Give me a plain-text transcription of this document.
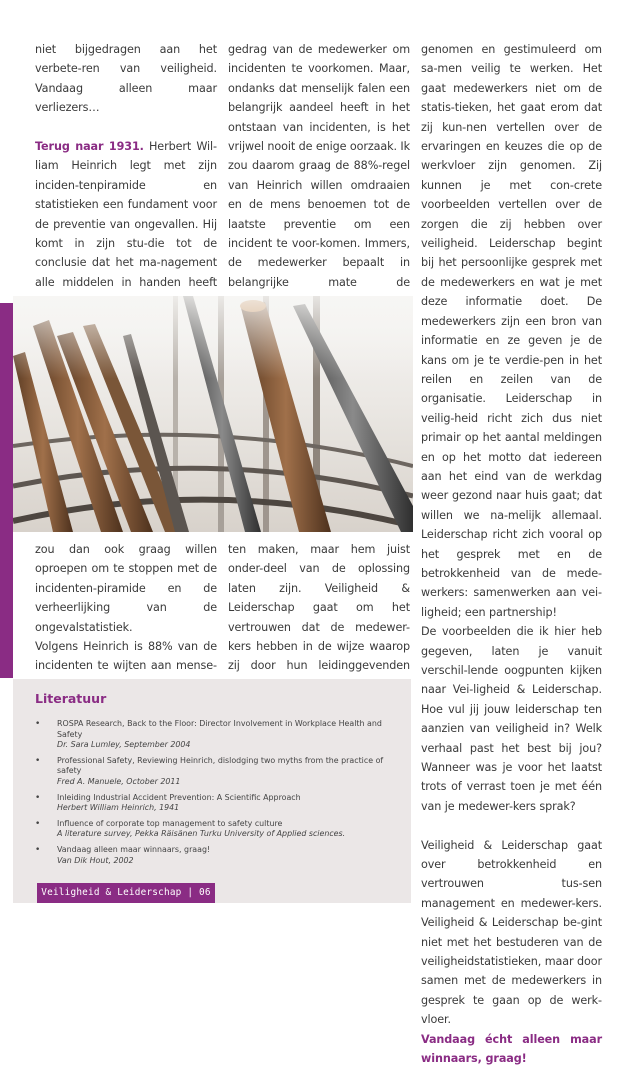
niet bijgedragen aan het verbete-ren van veiligheid. Vandaag alleen maar verliezers…

Terug naar 1931. Herbert Wil-liam Heinrich legt met zijn inciden-tenpiramide en statistieken een fundament voor de preventie van ongevallen. Hij komt in zijn stu-die tot de conclusie dat het ma-nagement alle middelen in handen heeft

gedrag van de medewerker om incidenten te voorkomen. Maar, ondanks dat menselijk falen een belangrijk aandeel heeft in het ontstaan van incidenten, is het vrijwel nooit de enige oorzaak. Ik zou daarom graag de 88%-regel van Heinrich willen omdraaien en de mens benoemen tot de laatste preventie om een incident te voor-komen. Immers, de medewerker bepaalt in belangrijke mate de

zou dan ook graag willen oproepen om te stoppen met de incidenten-piramide en de verheerlijking van de ongevalstatistiek.

Volgens Heinrich is 88% van de incidenten te wijten aan mense-

ten maken, maar hem juist onder-deel van de oplossing laten zijn. Veiligheid & Leiderschap gaat om het vertrouwen dat de medewer-kers hebben in de wijze waarop zij door hun leidinggevenden

genomen en gestimuleerd om sa-men veilig te werken. Het gaat medewerkers niet om de statis-tieken, het gaat erom dat zij kun-nen vertellen over de ervaringen en keuzes die op de werkvloer zijn genomen. Zij kunnen je met con-crete voorbeelden vertellen over de zorgen die zij hebben over veiligheid. Leiderschap begint bij het persoonlijke gesprek met de medewerkers en wat je met deze informatie doet. De medewerkers zijn een bron van informatie en ze geven je de kans om je te verdie-pen in het reilen en zeilen van de organisatie. Leiderschap in veilig-heid richt zich dus niet primair op het aantal meldingen en op het motto dat iedereen aan het eind van de werkdag weer gezond naar huis gaat; dat willen we na-melijk allemaal. Leiderschap richt zich vooral op het gesprek met en de betrokkenheid van de mede-werkers: samenwerken aan vei-ligheid; een partnership!

De voorbeelden die ik hier heb gegeven, laten je vanuit verschil-lende oogpunten kijken naar Vei-ligheid & Leiderschap. Hoe vul jij jouw leiderschap ten aanzien van veiligheid in? Welk verhaal past het best bij jou? Wanneer was je voor het laatst trots of verrast toen je met één van je medewer-kers sprak?

Veiligheid & Leiderschap gaat over betrokkenheid en vertrouwen tus-sen management en medewer-kers. Veiligheid & Leiderschap be-gint niet met het bestuderen van de veiligheidstatistieken, maar door samen met de medewerkers in gesprek te gaan op de werk-vloer.

Vandaag écht alleen maar winnaars, graag!

Literatuur
• ROSPA Research, Back to the Floor: Director Involvement in Workplace Health and Safety
Dr. Sara Lumley, September 2004
• Professional Safety, Reviewing Heinrich, dislodging two myths from the practice of safety
Fred A. Manuele, October 2011
• Inleiding Industrial Accident Prevention: A Scientific Approach
Herbert William Heinrich, 1941
• Influence of corporate top management to safety culture
A literature survey, Pekka Räisänen Turku University of Applied sciences.
• Vandaag alleen maar winnaars, graag!
Van Dik Hout, 2002
Veiligheid & Leiderschap | 06
